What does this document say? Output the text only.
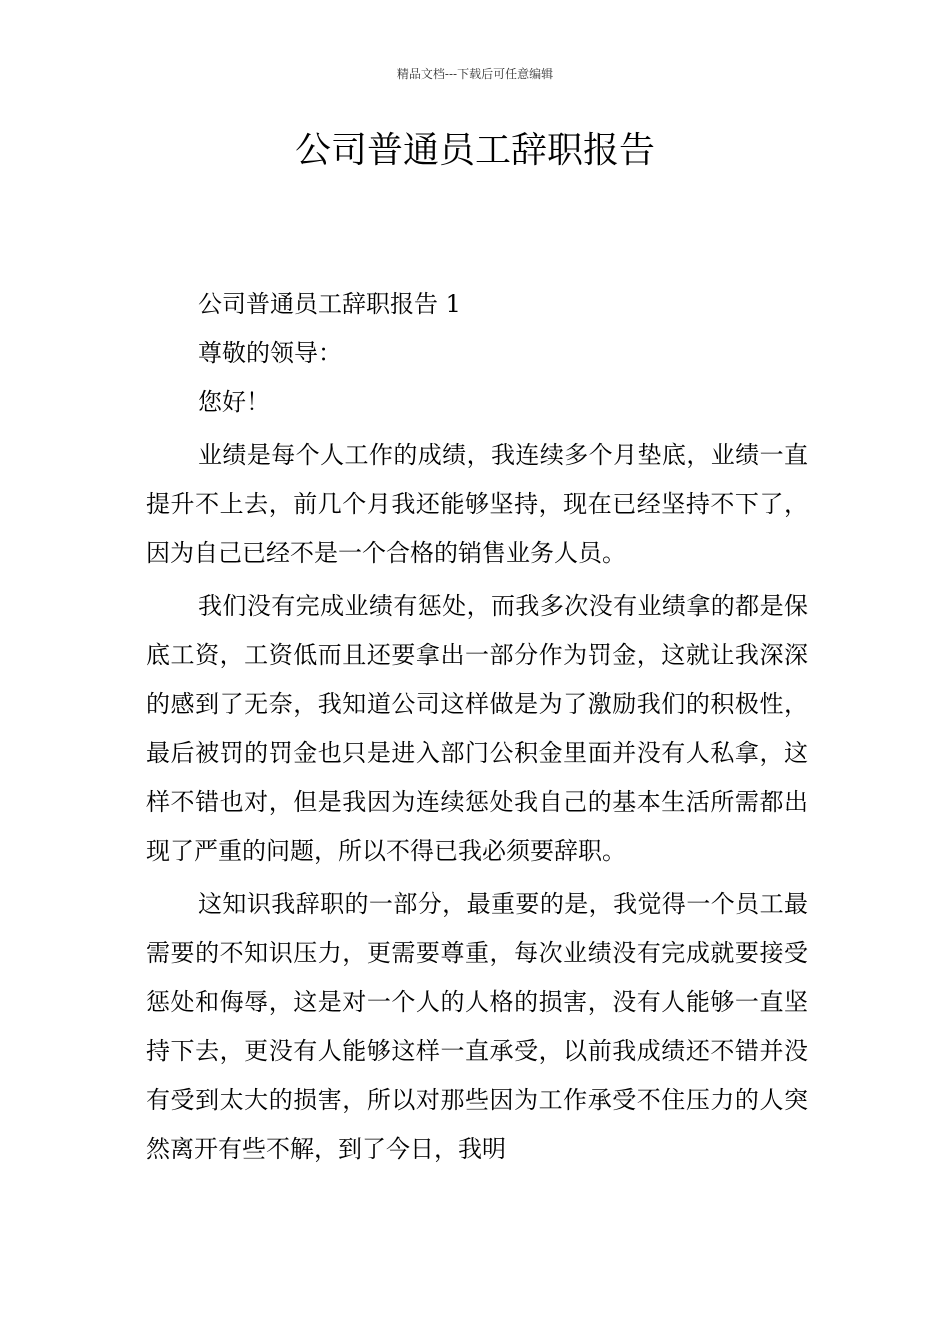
精品文档---下载后可任意编辑
公司普通员工辞职报告

公司普通员工辞职报告 1

尊敬的领导：

您好！

业绩是每个人工作的成绩，我连续多个月垫底，业绩一直提升不上去，前几个月我还能够坚持，现在已经坚持不下了，因为自己已经不是一个合格的销售业务人员。

我们没有完成业绩有惩处，而我多次没有业绩拿的都是保底工资，工资低而且还要拿出一部分作为罚金，这就让我深深的感到了无奈，我知道公司这样做是为了激励我们的积极性，最后被罚的罚金也只是进入部门公积金里面并没有人私拿，这样不错也对，但是我因为连续惩处我自己的基本生活所需都出现了严重的问题，所以不得已我必须要辞职。

这知识我辞职的一部分，最重要的是，我觉得一个员工最需要的不知识压力，更需要尊重，每次业绩没有完成就要接受惩处和侮辱，这是对一个人的人格的损害，没有人能够一直坚持下去，更没有人能够这样一直承受，以前我成绩还不错并没有受到太大的损害，所以对那些因为工作承受不住压力的人突然离开有些不解，到了今日，我明
